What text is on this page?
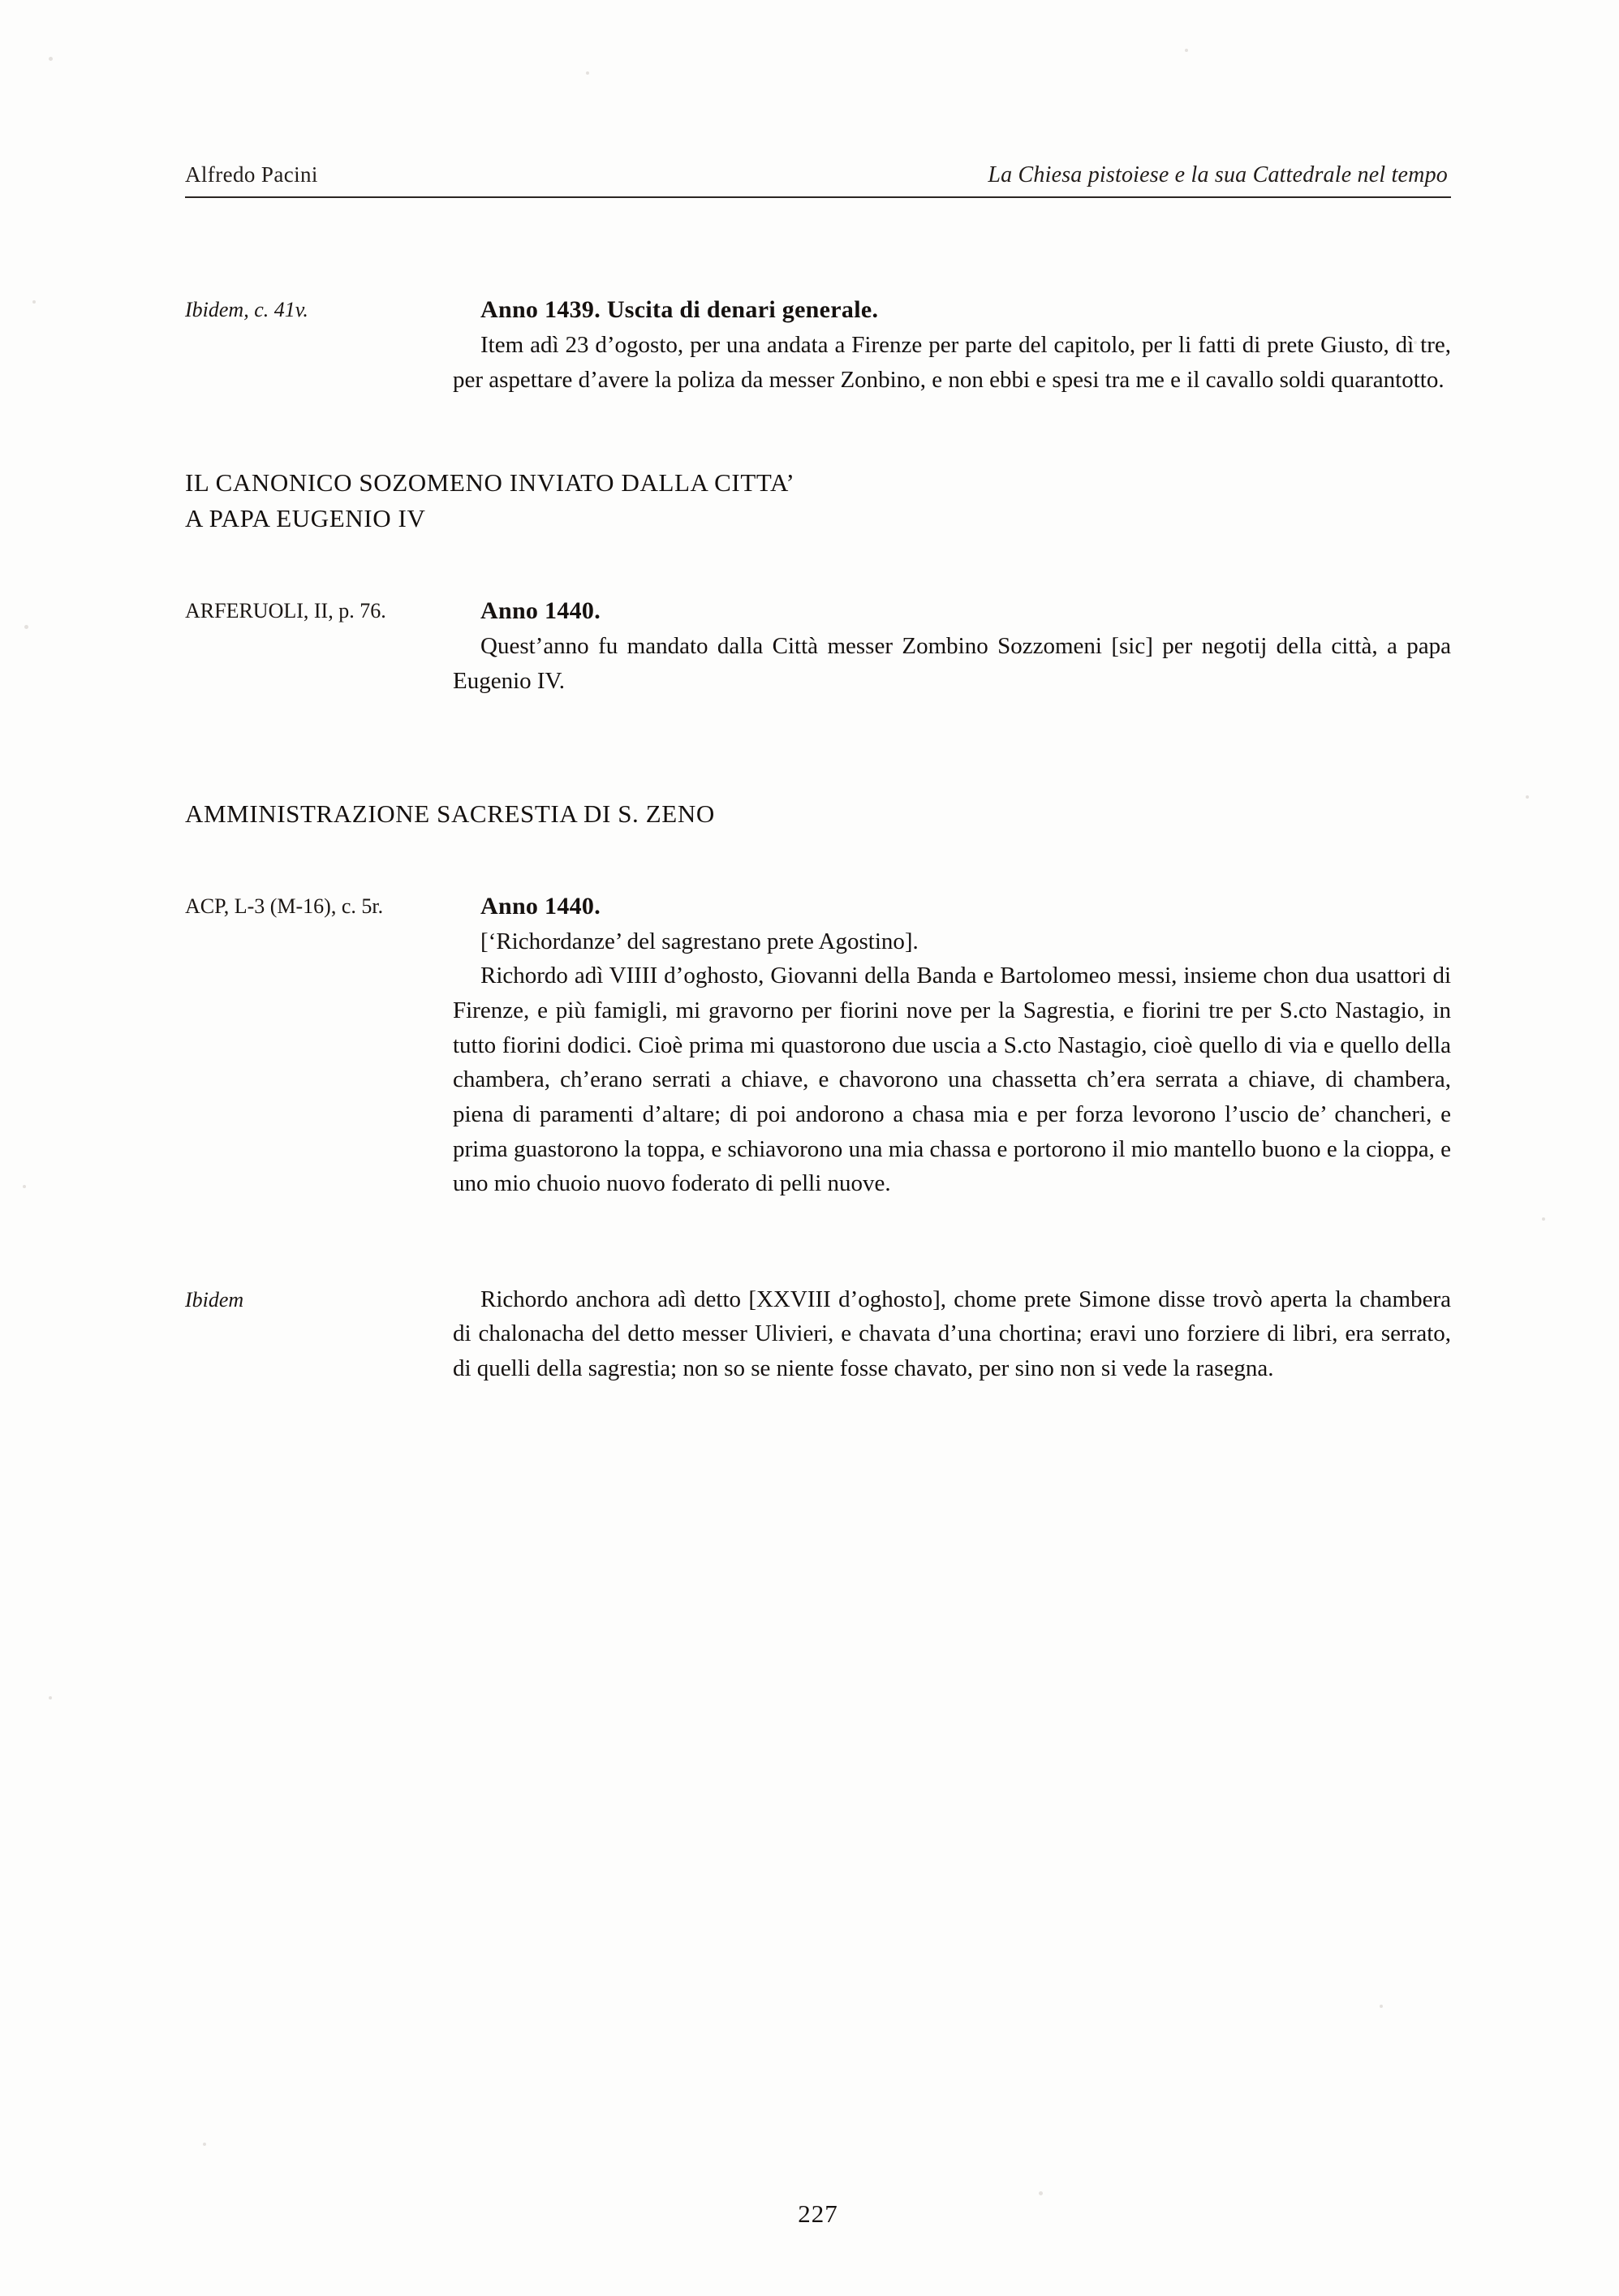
Alfredo Pacini	La Chiesa pistoiese e la sua Cattedrale nel tempo
Ibidem, c. 41v.	Anno 1439. Uscita di denari generale.

Item adì 23 d’ogosto, per una andata a Firenze per parte del capitolo, per li fatti di prete Giusto, dì tre, per aspettare d’avere la poliza da messer Zonbino, e non ebbi e spesi tra me e il cavallo soldi quarantotto.

IL CANONICO SOZOMENO INVIATO DALLA CITTA’
A PAPA EUGENIO IV
ARFERUOLI, II, p. 76.	Anno 1440.

Quest’anno fu mandato dalla Città messer Zombino Sozzomeni [sic] per negotij della città, a papa Eugenio IV.

AMMINISTRAZIONE SACRESTIA DI S. ZENO
ACP, L-3 (M-16), c. 5r.	Anno 1440.

[‘Richordanze’ del sagrestano prete Agostino].

Richordo adì VIIII d’oghosto, Giovanni della Banda e Bartolomeo messi, insieme chon dua usattori di Firenze, e più famigli, mi gravorno per fiorini nove per la Sagrestia, e fiorini tre per S.cto Nastagio, in tutto fiorini dodici. Cioè prima mi quastorono due uscia a S.cto Nastagio, cioè quello di via e quello della chambera, ch’erano serrati a chiave, e chavorono una chassetta ch’era serrata a chiave, di chambera, piena di paramenti d’altare; di poi andorono a chasa mia e per forza levorono l’uscio de’ chancheri, e prima guastorono la toppa, e schiavorono una mia chassa e portorono il mio mantello buono e la cioppa, e uno mio chuoio nuovo foderato di pelli nuove.

Ibidem	Richordo anchora adì detto [XXVIII d’oghosto], chome prete Simone disse trovò aperta la chambera di chalonacha del detto messer Ulivieri, e chavata d’una chortina; eravi uno forziere di libri, era serrato, di quelli della sagrestia; non so se niente fosse chavato, per sino non si vede la rasegna.

227
